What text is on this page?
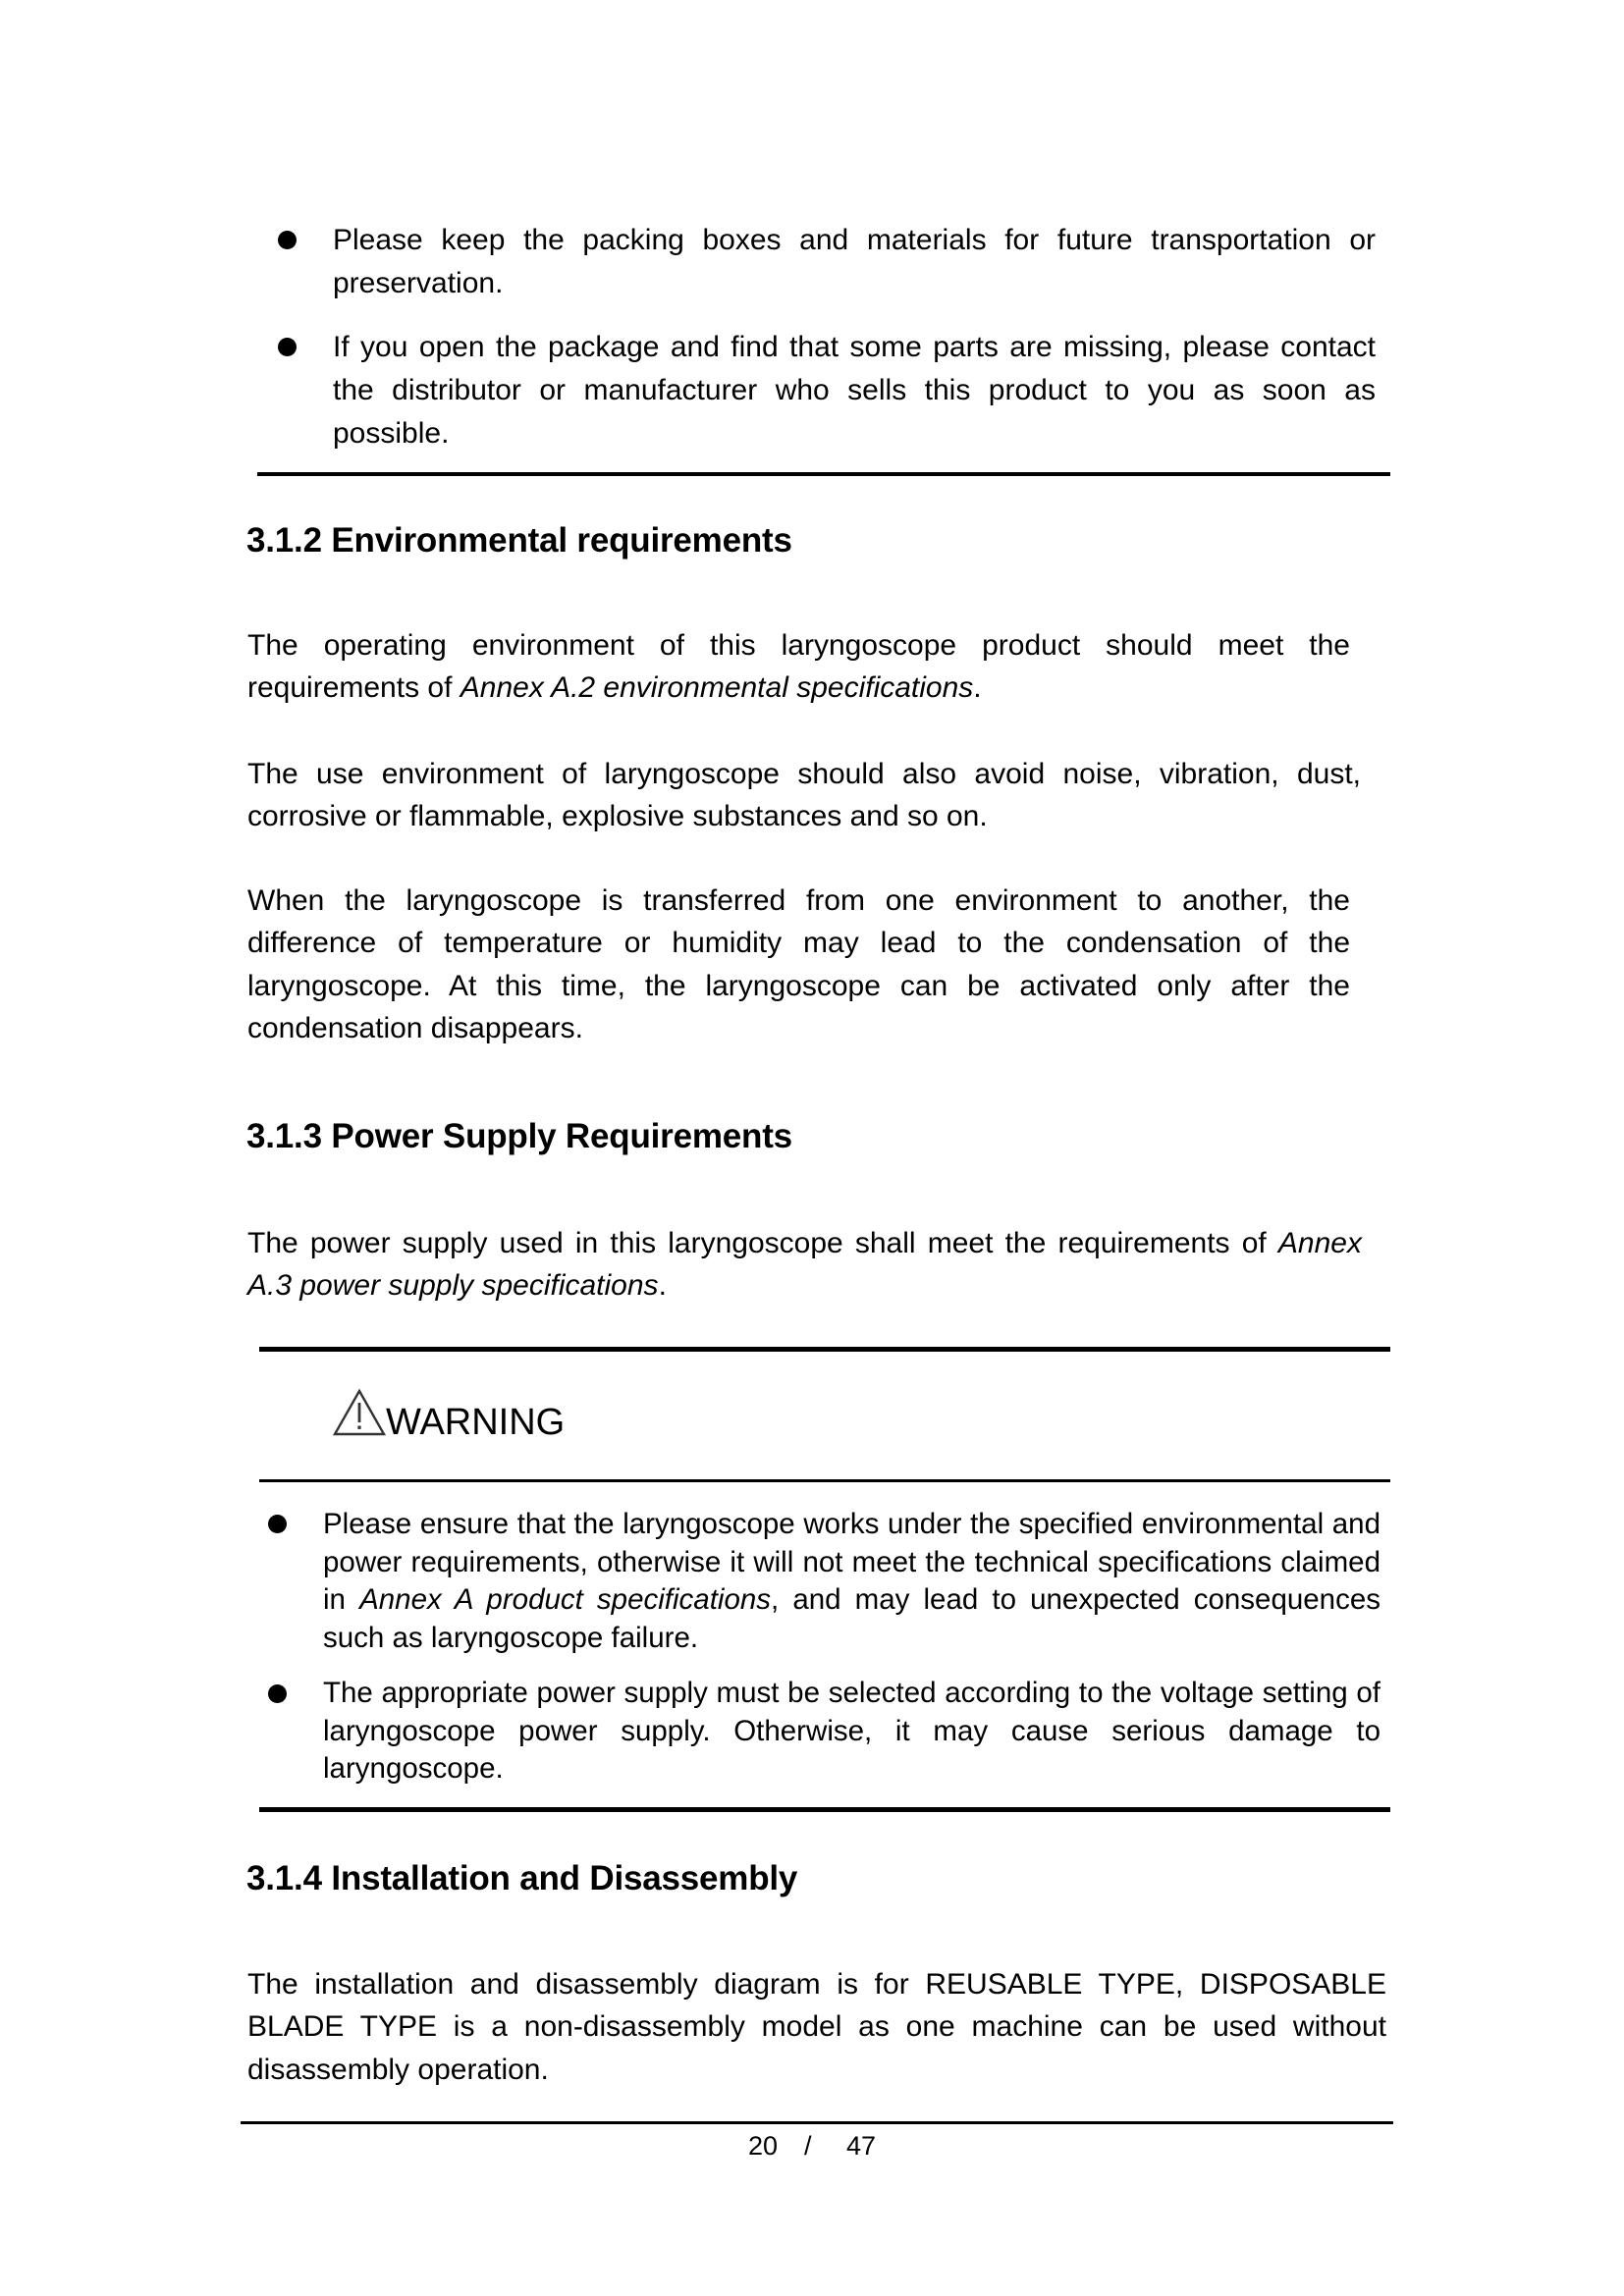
Please keep the packing boxes and materials for future transportation or preservation.
If you open the package and find that some parts are missing, please contact the distributor or manufacturer who sells this product to you as soon as possible.
3.1.2 Environmental requirements
The operating environment of this laryngoscope product should meet the requirements of Annex A.2 environmental specifications.
The use environment of laryngoscope should also avoid noise, vibration, dust, corrosive or flammable, explosive substances and so on.
When the laryngoscope is transferred from one environment to another, the difference of temperature or humidity may lead to the condensation of the laryngoscope. At this time, the laryngoscope can be activated only after the condensation disappears.
3.1.3 Power Supply Requirements
The power supply used in this laryngoscope shall meet the requirements of Annex A.3 power supply specifications.
WARNING
Please ensure that the laryngoscope works under the specified environmental and power requirements, otherwise it will not meet the technical specifications claimed in Annex A product specifications, and may lead to unexpected consequences such as laryngoscope failure.
The appropriate power supply must be selected according to the voltage setting of laryngoscope power supply. Otherwise, it may cause serious damage to laryngoscope.
3.1.4 Installation and Disassembly
The installation and disassembly diagram is for REUSABLE TYPE, DISPOSABLE BLADE TYPE is a non-disassembly model as one machine can be used without disassembly operation.
20 / 47
